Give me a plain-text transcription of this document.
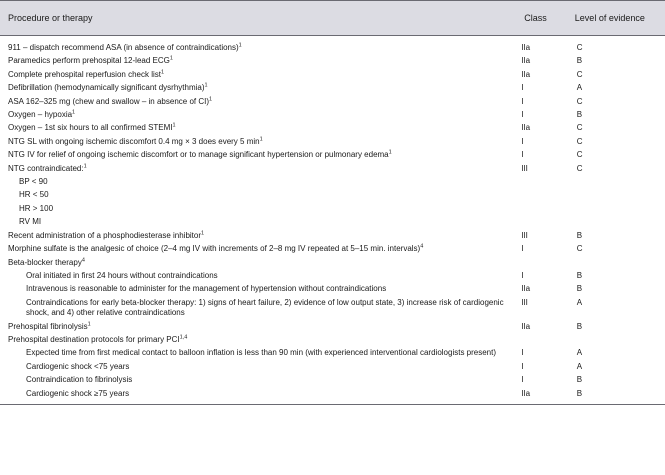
Procedure or therapy	Class	Level of evidence
911 – dispatch recommend ASA (in absence of contraindications)$^1$	IIa	C
Paramedics perform prehospital 12-lead ECG$^1$	IIa	B
Complete prehospital reperfusion check list$^1$	IIa	C
Defibrillation (hemodynamically significant dysrhythmia)$^1$	I	A
ASA 162–325 mg (chew and swallow – in absence of CI)$^1$	I	C
Oxygen – hypoxia$^1$	I	B
Oxygen – 1st six hours to all confirmed STEMI$^1$	IIa	C
NTG SL with ongoing ischemic discomfort 0.4 mg × 3 does every 5 $\min^1$	I	C
NTG IV for relief of ongoing ischemic discomfort or to manage significant hypertension or pulmonary edema$^1$	I	C
NTG contraindicated:$^1$	III	C
BP < 90		
HR < 50		
HR > 100		
RV MI		
Recent administration of a phosphodiesterase inhibitor$^1$	III	B
Morphine sulfate is the analgesic of choice (2–4 mg IV with increments of 2–8 mg IV repeated at 5–15 min. intervals)$^4$	I	C
Beta-blocker therapy$^4$		
Oral initiated in first 24 hours without contraindications	I	B
Intravenous is reasonable to administer for the management of hypertension without contraindications	IIa	B
Contraindications for early beta-blocker therapy: 1) signs of heart failure, 2) evidence of low output state, 3) increase risk of cardiogenic shock, and 4) other relative contraindications	III	A
Prehospital fibrinolysis$^1$	IIa	B
Prehospital destination protocols for primary PCI$^{1,4}$		
Expected time from first medical contact to balloon inflation is less than 90 min (with experienced interventional cardiologists present)	I	A
Cardiogenic shock <75 years	I	A
Contraindication to fibrinolysis	I	B
Cardiogenic shock ≥75 years	IIa	B
